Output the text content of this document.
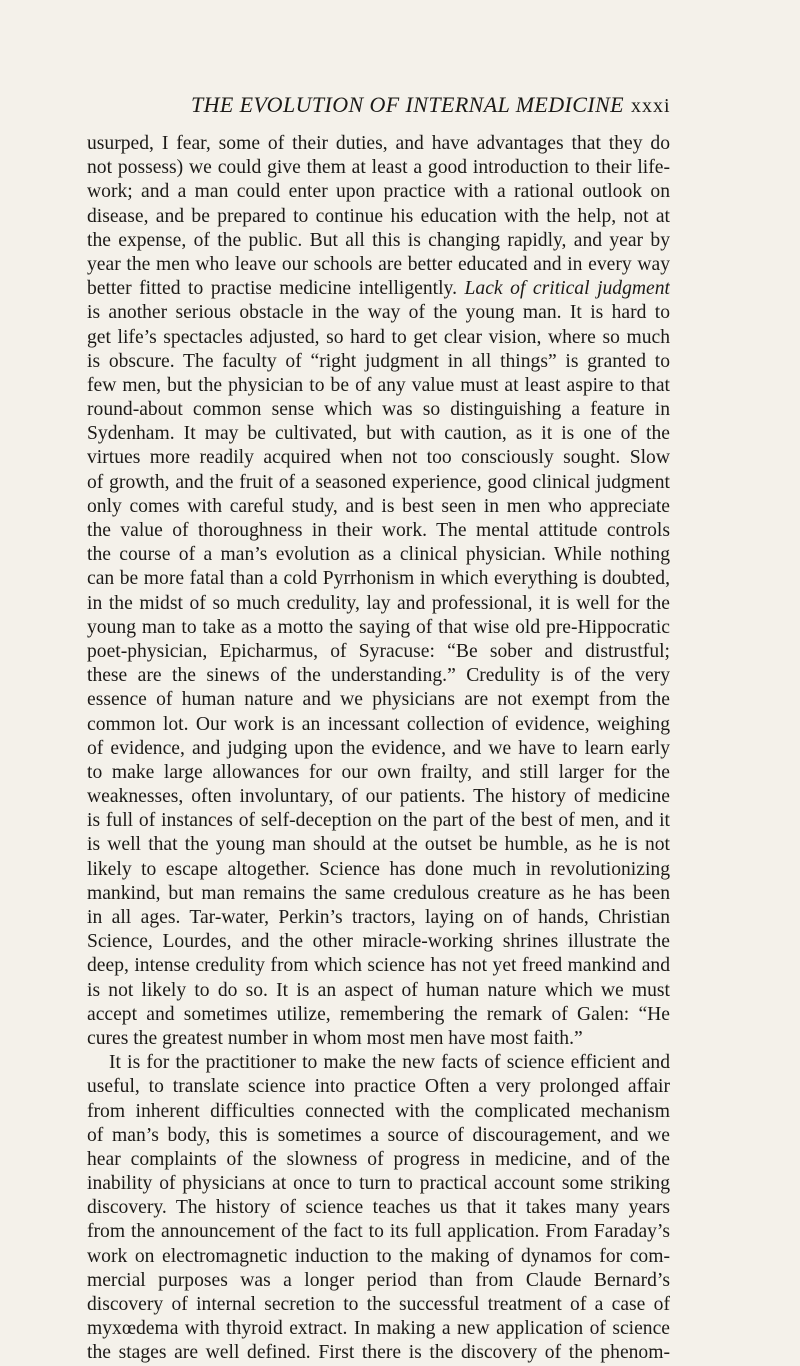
THE EVOLUTION OF INTERNAL MEDICINE xxxi
usurped, I fear, some of their duties, and have advantages that they do
not possess) we could give them at least a good introduction to their life-
work; and a man could enter upon practice with a rational outlook on
disease, and be prepared to continue his education with the help, not at
the expense, of the public. But all this is changing rapidly, and year by
year the men who leave our schools are better educated and in every way
better fitted to practise medicine intelligently. Lack of critical judgment
is another serious obstacle in the way of the young man. It is hard to
get life’s spectacles adjusted, so hard to get clear vision, where so much
is obscure. The faculty of “right judgment in all things” is granted to
few men, but the physician to be of any value must at least aspire to that
round-about common sense which was so distinguishing a feature in
Sydenham. It may be cultivated, but with caution, as it is one of the
virtues more readily acquired when not too consciously sought. Slow
of growth, and the fruit of a seasoned experience, good clinical judgment
only comes with careful study, and is best seen in men who appreciate
the value of thoroughness in their work. The mental attitude controls
the course of a man’s evolution as a clinical physician. While nothing
can be more fatal than a cold Pyrrhonism in which everything is doubted,
in the midst of so much credulity, lay and professional, it is well for the
young man to take as a motto the saying of that wise old pre-Hippocratic
poet-physician, Epicharmus, of Syracuse: “Be sober and distrustful;
these are the sinews of the understanding.” Credulity is of the very
essence of human nature and we physicians are not exempt from the
common lot. Our work is an incessant collection of evidence, weighing
of evidence, and judging upon the evidence, and we have to learn early
to make large allowances for our own frailty, and still larger for the
weaknesses, often involuntary, of our patients. The history of medicine
is full of instances of self-deception on the part of the best of men, and it
is well that the young man should at the outset be humble, as he is not
likely to escape altogether. Science has done much in revolutionizing
mankind, but man remains the same credulous creature as he has been
in all ages. Tar-water, Perkin’s tractors, laying on of hands, Christian
Science, Lourdes, and the other miracle-working shrines illustrate the
deep, intense credulity from which science has not yet freed mankind and
is not likely to do so. It is an aspect of human nature which we must
accept and sometimes utilize, remembering the remark of Galen: “He
cures the greatest number in whom most men have most faith.”
It is for the practitioner to make the new facts of science efficient and
useful, to translate science into practice Often a very prolonged affair
from inherent difficulties connected with the complicated mechanism
of man’s body, this is sometimes a source of discouragement, and we
hear complaints of the slowness of progress in medicine, and of the
inability of physicians at once to turn to practical account some striking
discovery. The history of science teaches us that it takes many years
from the announcement of the fact to its full application. From Faraday’s
work on electromagnetic induction to the making of dynamos for com-
mercial purposes was a longer period than from Claude Bernard’s
discovery of internal secretion to the successful treatment of a case of
myxœdema with thyroid extract. In making a new application of science
the stages are well defined. First there is the discovery of the phenom-
